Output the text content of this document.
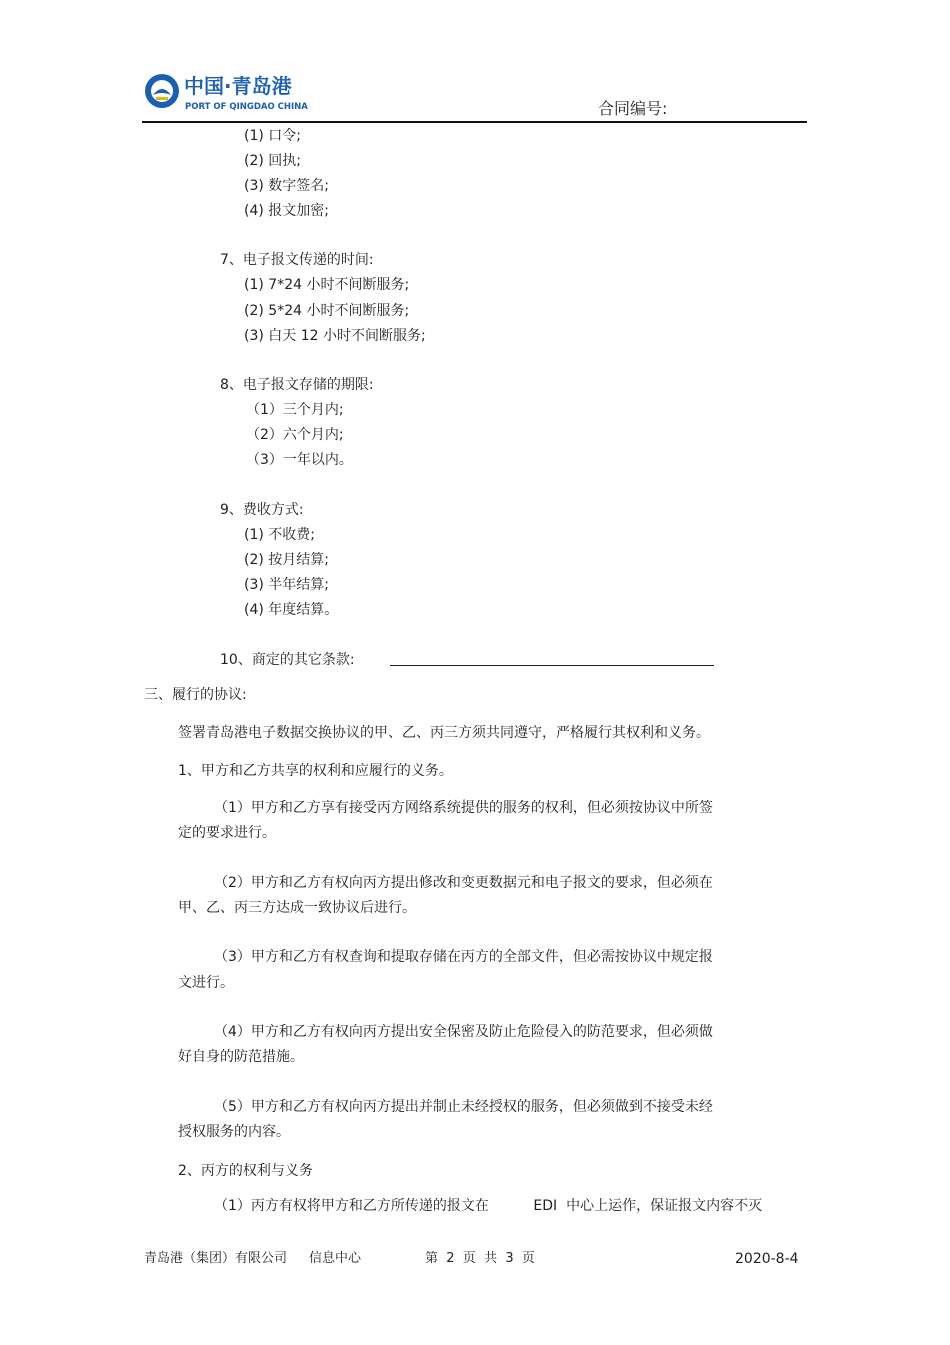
中国·青岛港
PORT OF QINGDAO CHINA	合同编号:
(1) 口令;
(2) 回执;
(3) 数字签名;
(4) 报文加密;
7、电子报文传递的时间:
(1) 7*24 小时不间断服务;
(2) 5*24 小时不间断服务;
(3) 白天 12 小时不间断服务;
8、电子报文存储的期限:
（1）三个月内;
（2）六个月内;
（3）一年以内。
9、费收方式:
(1) 不收费;
(2) 按月结算;
(3) 半年结算;
(4) 年度结算。
10、商定的其它条款:
三、履行的协议:
签署青岛港电子数据交换协议的甲、乙、丙三方须共同遵守，严格履行其权利和义务。
1、甲方和乙方共享的权利和应履行的义务。
（1）甲方和乙方享有接受丙方网络系统提供的服务的权利，但必须按协议中所签
定的要求进行。
（2）甲方和乙方有权向丙方提出修改和变更数据元和电子报文的要求，但必须在
甲、乙、丙三方达成一致协议后进行。
（3）甲方和乙方有权查询和提取存储在丙方的全部文件，但必需按协议中规定报
文进行。
（4）甲方和乙方有权向丙方提出安全保密及防止危险侵入的防范要求，但必须做
好自身的防范措施。
（5）甲方和乙方有权向丙方提出并制止未经授权的服务，但必须做到不接受未经
授权服务的内容。
2、丙方的权利与义务
（1）丙方有权将甲方和乙方所传递的报文在          EDI  中心上运作，保证报文内容不灭
青岛港（集团）有限公司 信息中心	第  2  页  共  3  页	2020-8-4
